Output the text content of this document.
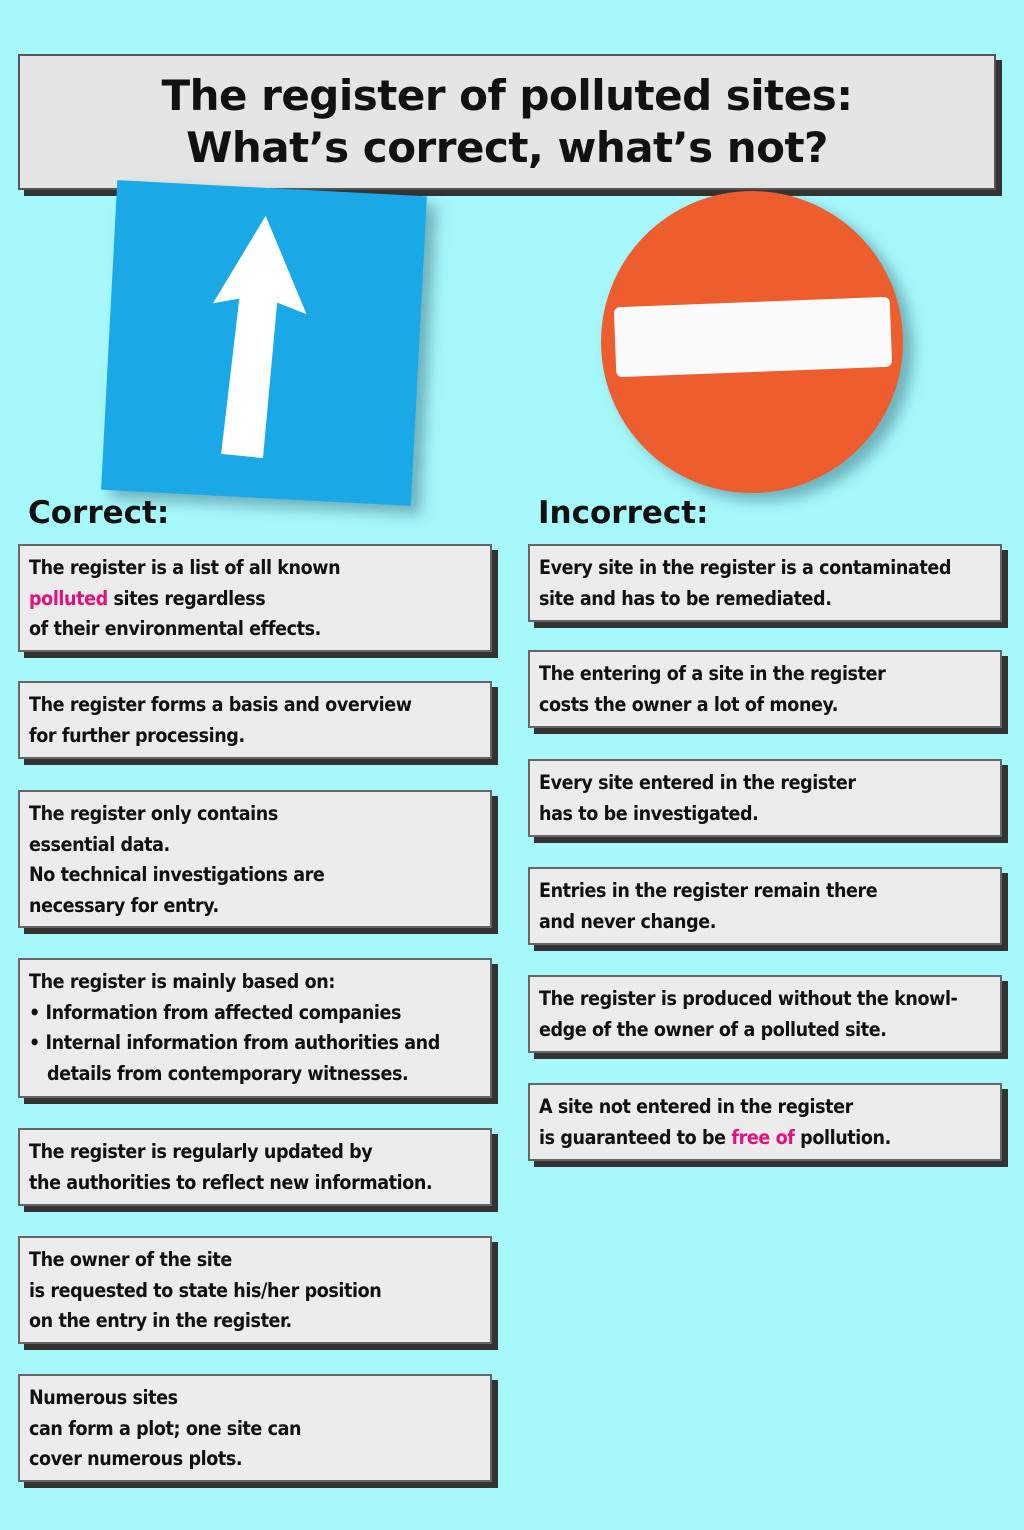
The register of polluted sites:
What’s correct, what’s not?
Correct:	Incorrect:

The register is a list of all known

polluted sites regardless

of their environmental effects.

The register forms a basis and overview

for further processing.

The register only contains

essential data.

No technical investigations are

necessary for entry.

The register is mainly based on:

• Information from affected companies

• Internal information from authorities and details from contemporary witnesses.

The register is regularly updated by

the authorities to reflect new information.

The owner of the site

is requested to state his/her position

on the entry in the register.

Numerous sites

can form a plot; one site can

cover numerous plots.

Every site in the register is a contaminated

site and has to be remediated.

The entering of a site in the register

costs the owner a lot of money.

Every site entered in the register

has to be investigated.

Entries in the register remain there

and never change.

The register is produced without the knowl-

edge of the owner of a polluted site.

A site not entered in the register

is guaranteed to be free of pollution.
